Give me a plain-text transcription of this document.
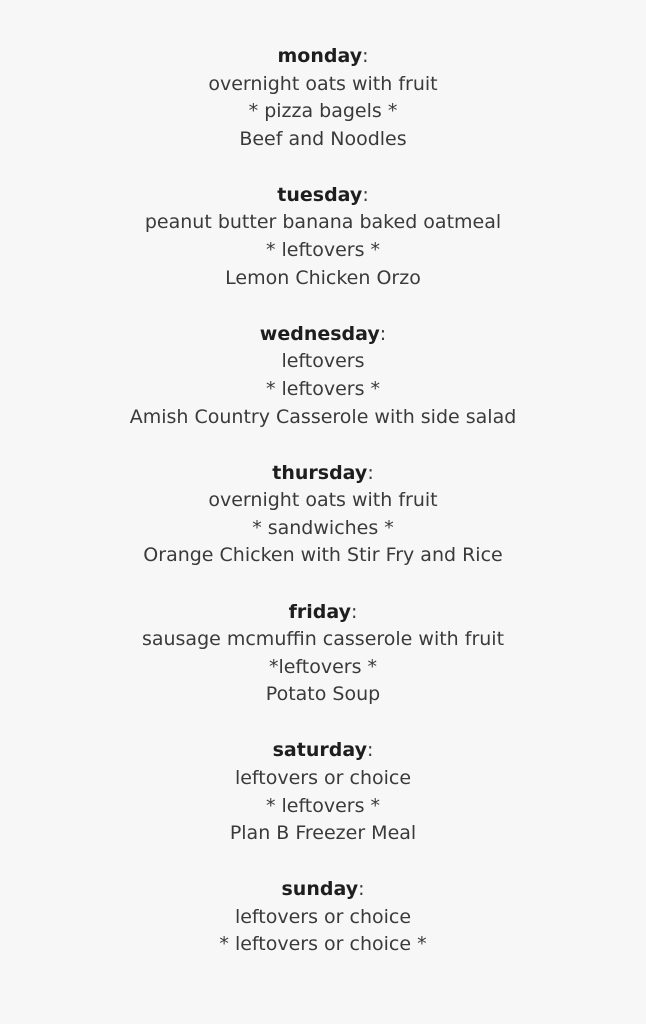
monday:
overnight oats with fruit
* pizza bagels *
Beef and Noodles
tuesday:
peanut butter banana baked oatmeal
* leftovers *
Lemon Chicken Orzo
wednesday:
leftovers
* leftovers *
Amish Country Casserole with side salad
thursday:
overnight oats with fruit
* sandwiches *
Orange Chicken with Stir Fry and Rice
friday:
sausage mcmuffin casserole with fruit
*leftovers *
Potato Soup
saturday:
leftovers or choice
* leftovers *
Plan B Freezer Meal
sunday:
leftovers or choice
* leftovers or choice *
